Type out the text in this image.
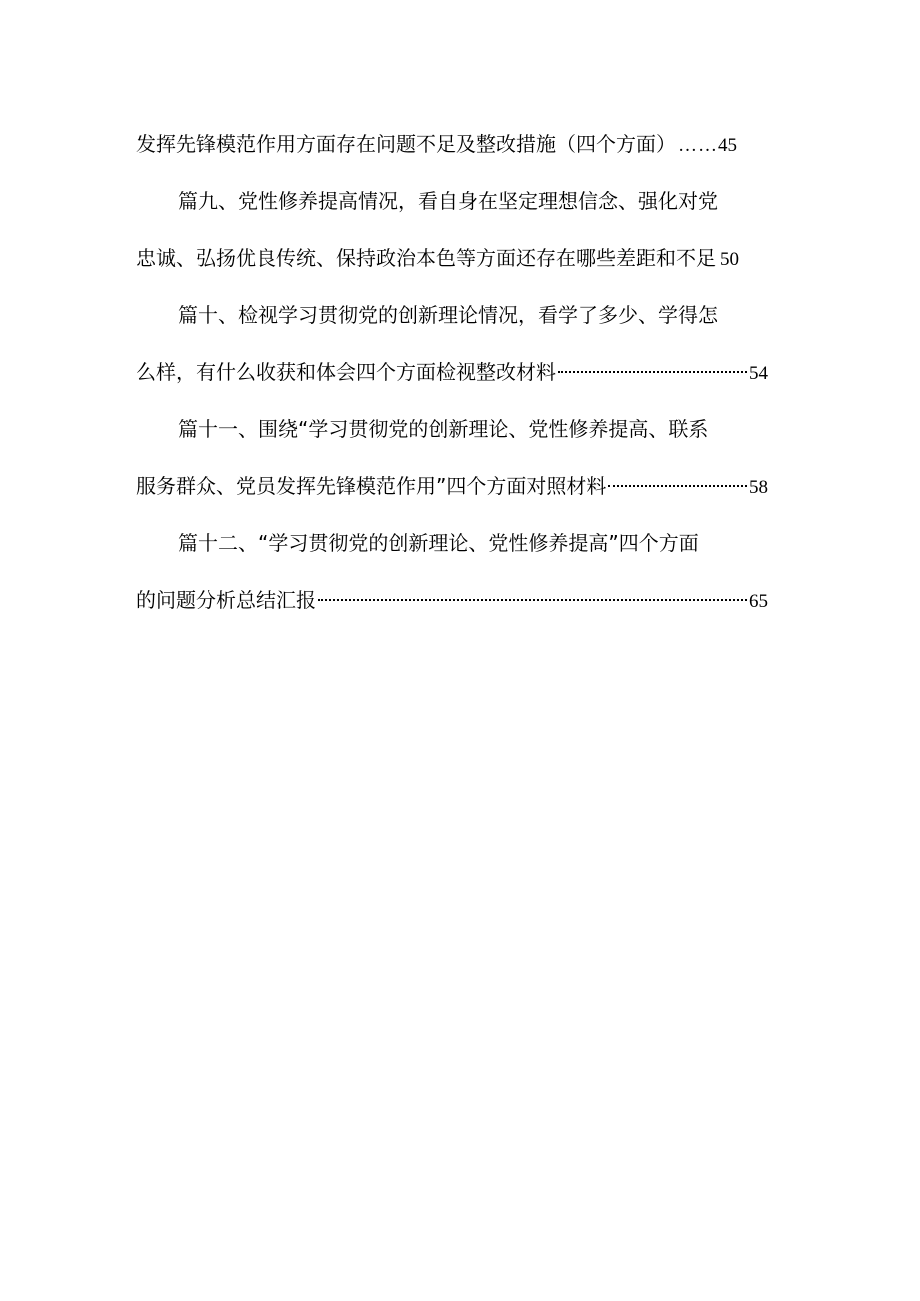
发挥先锋模范作用方面存在问题不足及整改措施（四个方面） …… 45
篇九、党性修养提高情况，看自身在坚定理想信念、强化对党
忠诚、弘扬优良传统、保持政治本色等方面还存在哪些差距和不足 50
篇十、检视学习贯彻党的创新理论情况，看学了多少、学得怎
么样，有什么收获和体会四个方面检视整改材料	54
篇十一、围绕“学习贯彻党的创新理论、党性修养提高、联系
服务群众、党员发挥先锋模范作用”四个方面对照材料	58
篇十二、“学习贯彻党的创新理论、党性修养提高”四个方面
的问题分析总结汇报	65
